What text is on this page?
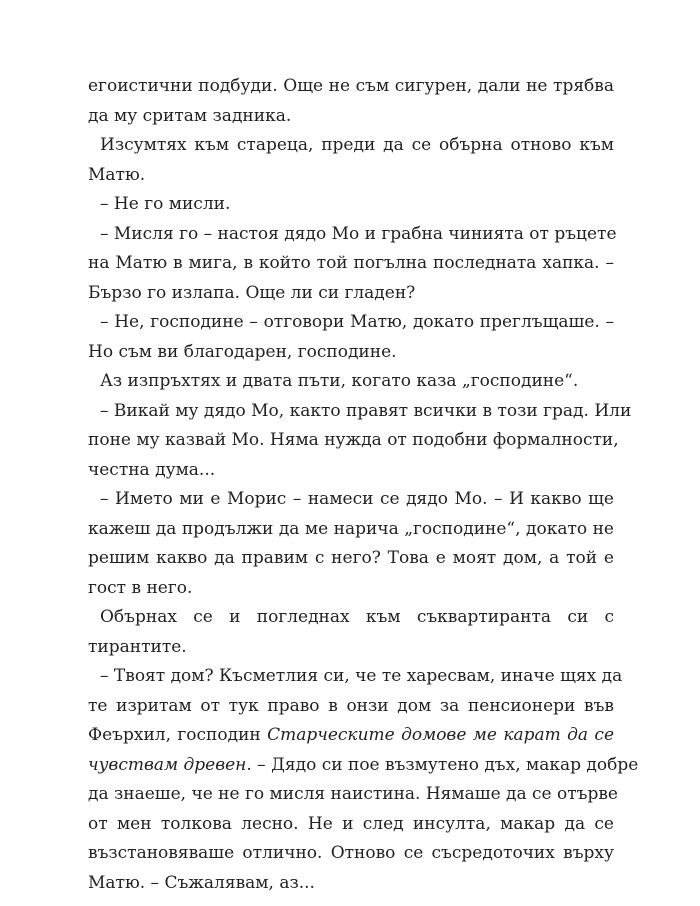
егоистични подбуди. Още не съм сигурен, дали не трябва
да му сритам задника.
Изсумтях към стареца, преди да се обърна отново към
Матю.
– Не го мисли.
– Мисля го – настоя дядо Мо и грабна чинията от ръцете
на Матю в мига, в който той погълна последната хапка. –
Бързо го излапа. Още ли си гладен?
– Не, господине – отговори Матю, докато преглъщаше. –
Но съм ви благодарен, господине.
Аз изпръхтях и двата пъти, когато каза „господине“.
– Викай му дядо Мо, както правят всички в този град. Или
поне му казвай Мо. Няма нужда от подобни формалности,
честна дума...
– Името ми е Морис – намеси се дядо Мо. – И какво ще
кажеш да продължи да ме нарича „господине“, докато не
решим какво да правим с него? Това е моят дом, а той е
гост в него.
Обърнах се и погледнах към съквартиранта си с
тирантите.
– Твоят дом? Късметлия си, че те харесвам, иначе щях да
те изритам от тук право в онзи дом за пенсионери във
Феърхил, господин Старческите домове ме карат да се
чувствам древен. – Дядо си пое възмутено дъх, макар добре
да знаеше, че не го мисля наистина. Нямаше да се отърве
от мен толкова лесно. Не и след инсулта, макар да се
възстановяваше отлично. Отново се съсредоточих върху
Матю. – Съжалявам, аз...
